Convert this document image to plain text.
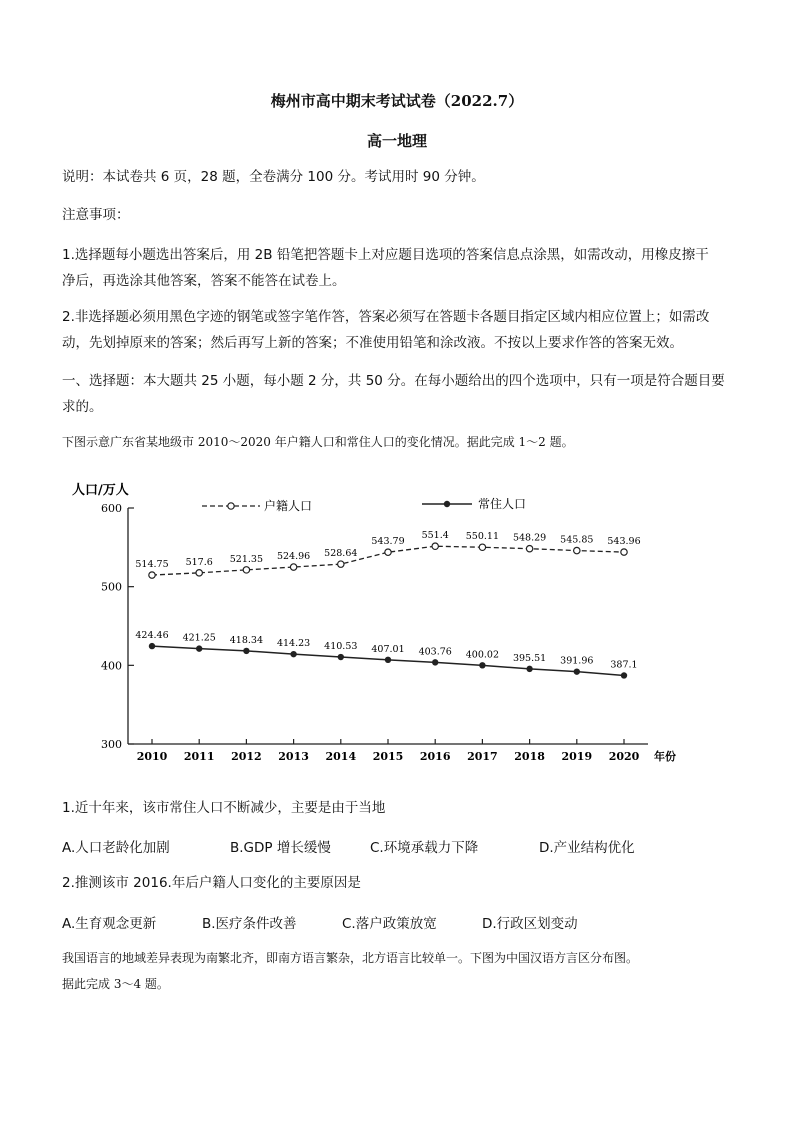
梅州市高中期末考试试卷（2022.7）
高一地理
说明：本试卷共 6 页，28 题，全卷满分 100 分。考试用时 90 分钟。
注意事项：
1.选择题每小题选出答案后，用 2B 铅笔把答题卡上对应题目选项的答案信息点涂黑，如需改动，用橡皮擦干
净后，再选涂其他答案，答案不能答在试卷上。
2.非选择题必须用黑色字迹的钢笔或签字笔作答，答案必须写在答题卡各题目指定区域内相应位置上；如需改
动，先划掉原来的答案；然后再写上新的答案；不准使用铅笔和涂改液。不按以上要求作答的答案无效。
一、选择题：本大题共 25 小题，每小题 2 分，共 50 分。在每小题给出的四个选项中，只有一项是符合题目要
求的。
下图示意广东省某地级市 2010～2020 年户籍人口和常住人口的变化情况。据此完成 1～2 题。
600
500
400
300
2010 2011 2012 2013 2014 2015 2016 2017 2018 2019 2020
人口/万人
年份
514.75 517.6 521.35 524.96 528.64
543.79
551.4 550.11 548.29 545.85 543.96
424.46 421.25 418.34 414.23 410.53 407.01 403.76 400.02 395.51 391.96 387.1
户籍人口	常住人口
1.近十年来，该市常住人口不断减少，主要是由于当地
A.人口老龄化加剧	B.GDP 增长缓慢	C.环境承载力下降	D.产业结构优化
2.推测该市 2016.年后户籍人口变化的主要原因是
A.生育观念更新	B.医疗条件改善	C.落户政策放宽	D.行政区划变动
我国语言的地域差异表现为南繁北齐，即南方语言繁杂，北方语言比较单一。下图为中国汉语方言区分布图。
据此完成 3～4 题。
